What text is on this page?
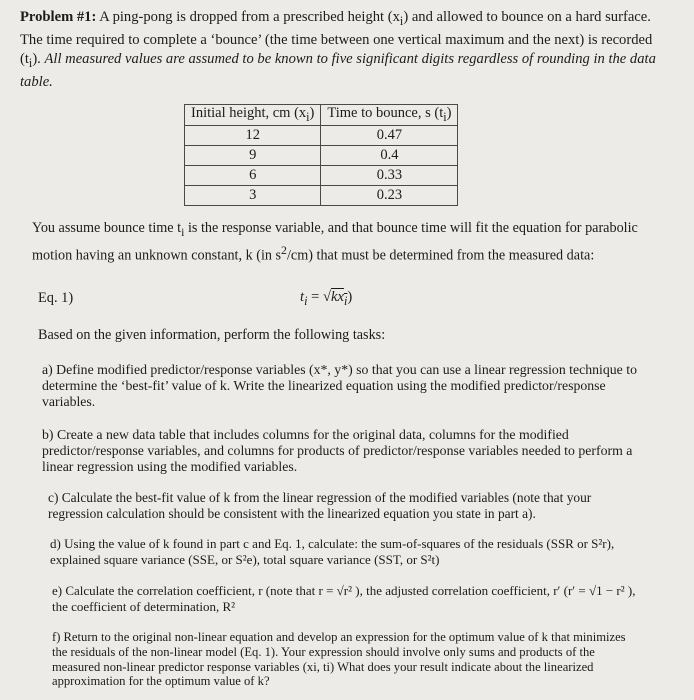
Problem #1: A ping-pong is dropped from a prescribed height $(x_i)$ and allowed to bounce on a hard surface. The time required to complete a ‘bounce’ (the time between one vertical maximum and the next) is recorded $(t_i)$. All measured values are assumed to be known to five significant digits regardless of rounding in the data table.
Initial height, cm $(x_i)$	Time to bounce, s $(t_i)$
12	0.47
9	0.4
6	0.33
3	0.23
You assume bounce time $t_i$ is the response variable, and that bounce time will fit the equation for parabolic motion having an unknown constant, k (in $s^2/cm$) that must be determined from the measured data:
Eq. 1)	$t_i = √kx_i$)
Based on the given information, perform the following tasks:
a) Define modified predictor/response variables (x*, y*) so that you can use a linear regression technique to determine the ‘best-fit’ value of k. Write the linearized equation using the modified predictor/response variables.
b) Create a new data table that includes columns for the original data, columns for the modified predictor/response variables, and columns for products of predictor/response variables needed to perform a linear regression using the modified variables.
c) Calculate the best-fit value of k from the linear regression of the modified variables (note that your regression calculation should be consistent with the linearized equation you state in part a).
d) Using the value of k found in part c and Eq. 1, calculate: the sum-of-squares of the residuals (SSR or S²r), explained square variance (SSE, or S²e), total square variance (SST, or S²t)
e) Calculate the correlation coefficient, r (note that r = √r² ), the adjusted correlation coefficient, r′ (r′ = √1 − r² ), the coefficient of determination, R²
f) Return to the original non-linear equation and develop an expression for the optimum value of k that minimizes the residuals of the non-linear model (Eq. 1). Your expression should involve only sums and products of the measured non-linear predictor response variables (xi, ti) What does your result indicate about the linearized approximation for the optimum value of k?
